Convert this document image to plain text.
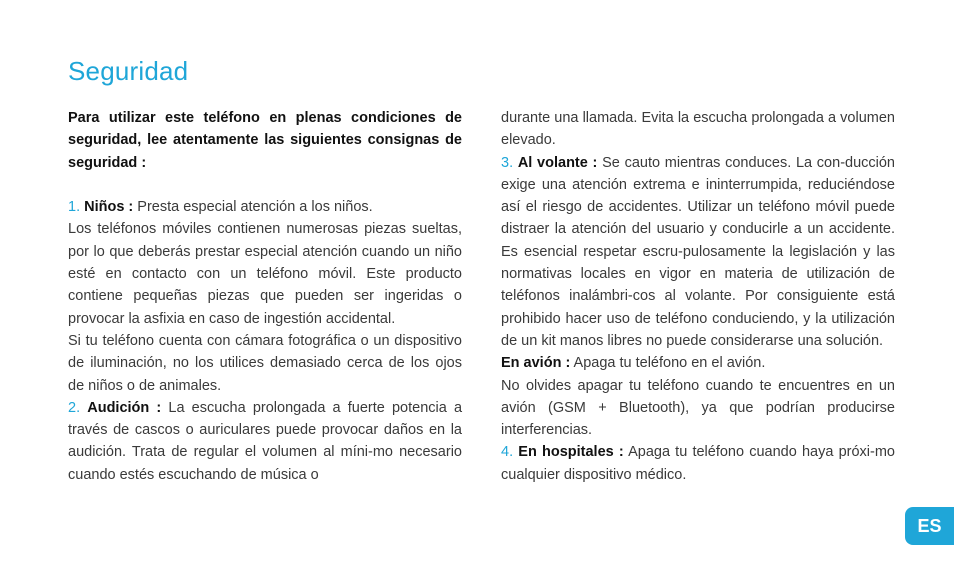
Seguridad

Para utilizar este teléfono en plenas condiciones de seguridad, lee atentamente las siguientes consignas de seguridad :

1. Niños : Presta especial atención a los niños.

Los teléfonos móviles contienen numerosas piezas sueltas, por lo que deberás prestar especial atención cuando un niño esté en contacto con un teléfono móvil. Este producto contiene pequeñas piezas que pueden ser ingeridas o provocar la asfixia en caso de ingestión accidental.

Si tu teléfono cuenta con cámara fotográfica o un dispositivo de iluminación, no los utilices demasiado cerca de los ojos de niños o de animales.

2. Audición : La escucha prolongada a fuerte potencia a través de cascos o auriculares puede provocar daños en la audición. Trata de regular el volumen al míni-mo necesario cuando estés escuchando de música o

durante una llamada. Evita la escucha prolongada a volumen elevado.

3. Al volante : Se cauto mientras conduces. La con-ducción exige una atención extrema e ininterrumpida, reduciéndose así el riesgo de accidentes. Utilizar un teléfono móvil puede distraer la atención del usuario y conducirle a un accidente. Es esencial respetar escru-pulosamente la legislación y las normativas locales en vigor en materia de utilización de teléfonos inalámbri-cos al volante. Por consiguiente está prohibido hacer uso de teléfono conduciendo, y la utilización de un kit manos libres no puede considerarse una solución.

En avión : Apaga tu teléfono en el avión.

No olvides apagar tu teléfono cuando te encuentres en un avión (GSM + Bluetooth), ya que podrían producirse interferencias.

4. En hospitales : Apaga tu teléfono cuando haya próxi-mo cualquier dispositivo médico.

ES
